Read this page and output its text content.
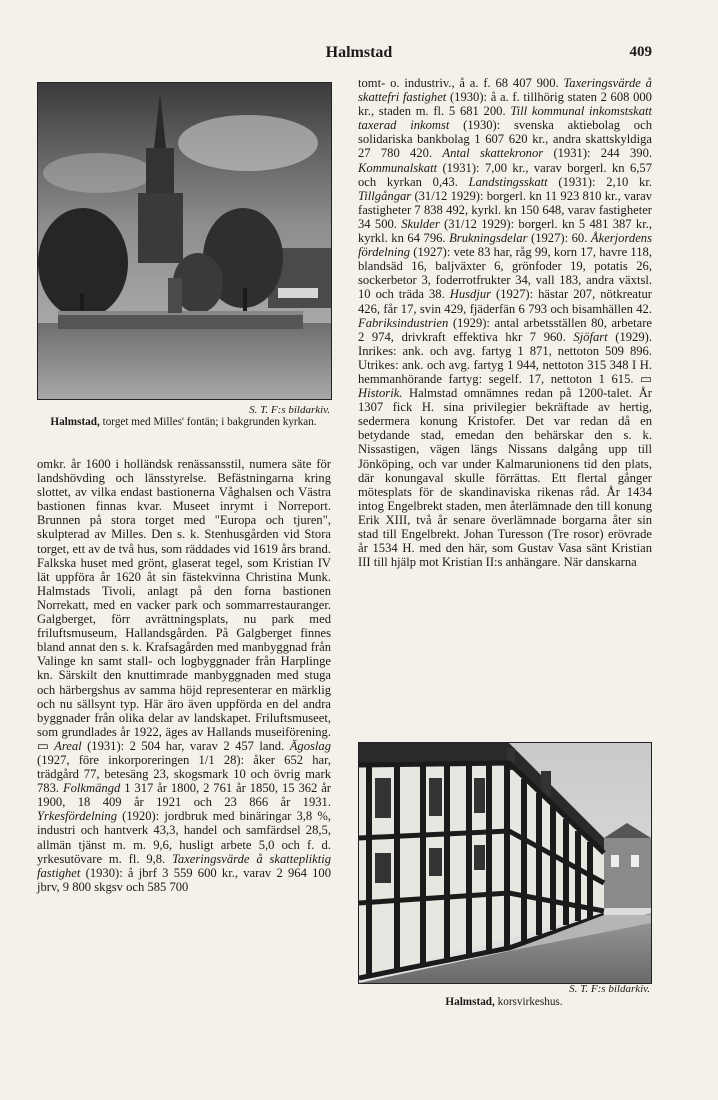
Halmstad	409
S. T. F:s bildarkiv.
Halmstad, torget med Milles' fontän; i bakgrunden kyrkan.

omkr. år 1600 i holländsk renässansstil, numera säte för landshövding och länsstyrelse. Befästningarna kring slottet, av vilka endast bastionerna Våghalsen och Västra bastionen finnas kvar. Museet inrymt i Norreport. Brunnen på stora torget med "Europa och tjuren", skulpterad av Milles. Den s. k. Stenhusgården vid Stora torget, ett av de två hus, som räddades vid 1619 års brand. Falkska huset med grönt, glaserat tegel, som Kristian IV lät uppföra år 1620 åt sin fästekvinna Christina Munk. Halmstads Tivoli, anlagt på den forna bastionen Norrekatt, med en vacker park och sommarrestauranger. Galgberget, förr avrättningsplats, nu park med friluftsmuseum, Hallandsgården. På Galgberget finnes bland annat den s. k. Krafsagården med manbyggnad från Valinge kn samt stall- och logbyggnader från Harplinge kn. Särskilt den knuttimrade manbyggnaden med stuga och härbergshus av samma höjd representerar en märklig och nu sällsynt typ. Här äro även uppförda en del andra byggnader från olika delar av landskapet. Friluftsmuseet, som grundlades år 1922, äges av Hallands museiförening. ▭ Areal (1931): 2 504 har, varav 2 457 land. Ägoslag (1927, före inkorporeringen 1/1 28): åker 652 har, trädgård 77, betesäng 23, skogsmark 10 och övrig mark 783. Folkmängd 1 317 år 1800, 2 761 år 1850, 15 362 år 1900, 18 409 år 1921 och 23 866 år 1931. Yrkesfördelning (1920): jordbruk med binäringar 3,8 %, industri och hantverk 43,3, handel och samfärdsel 28,5, allmän tjänst m. m. 9,6, husligt arbete 5,0 och f. d. yrkesutövare m. fl. 9,8. Taxeringsvärde å skattepliktig fastighet (1930): å jbrf 3 559 600 kr., varav 2 964 100 jbrv, 9 800 skgsv och 585 700

tomt- o. industriv., å a. f. 68 407 900. Taxeringsvärde å skattefri fastighet (1930): å a. f. tillhörig staten 2 608 000 kr., staden m. fl. 5 681 200. Till kommunal inkomstskatt taxerad inkomst (1930): svenska aktiebolag och solidariska bankbolag 1 607 620 kr., andra skattskyldiga 27 780 420. Antal skattekronor (1931): 244 390. Kommunalskatt (1931): 7,00 kr., varav borgerl. kn 6,57 och kyrkan 0,43. Landstingsskatt (1931): 2,10 kr. Tillgångar (31/12 1929): borgerl. kn 11 923 810 kr., varav fastigheter 7 838 492, kyrkl. kn 150 648, varav fastigheter 34 500. Skulder (31/12 1929): borgerl. kn 5 481 387 kr., kyrkl. kn 64 796. Brukningsdelar (1927): 60. Åkerjordens fördelning (1927): vete 83 har, råg 99, korn 17, havre 118, blandsäd 16, baljväxter 6, grönfoder 19, potatis 26, sockerbetor 3, foderrotfrukter 34, vall 183, andra växtsl. 10 och träda 38. Husdjur (1927): hästar 207, nötkreatur 426, får 17, svin 429, fjäderfän 6 793 och bisamhällen 42. Fabriksindustrien (1929): antal arbetsställen 80, arbetare 2 974, drivkraft effektiva hkr 7 960. Sjöfart (1929). Inrikes: ank. och avg. fartyg 1 871, nettoton 509 896. Utrikes: ank. och avg. fartyg 1 944, nettoton 315 348 I H. hemmanhörande fartyg: segelf. 17, nettoton 1 615. ▭ Historik. Halmstad omnämnes redan på 1200-talet. År 1307 fick H. sina privilegier bekräftade av hertig, sedermera konung Kristofer. Det var redan då en betydande stad, emedan den behärskar den s. k. Nissastigen, vägen längs Nissans dalgång upp till Jönköping, och var under Kalmarunionens tid den plats, där konungaval skulle förrättas. Ett flertal gånger mötesplats för de skandinaviska rikenas råd. År 1434 intog Engelbrekt staden, men återlämnade den till konung Erik XIII, två år senare överlämnade borgarna åter sin stad till Engelbrekt. Johan Turesson (Tre rosor) erövrade år 1534 H. med den här, som Gustav Vasa sänt Kristian III till hjälp mot Kristian II:s anhängare. När danskarna

S. T. F:s bildarkiv.
Halmstad, korsvirkeshus.
